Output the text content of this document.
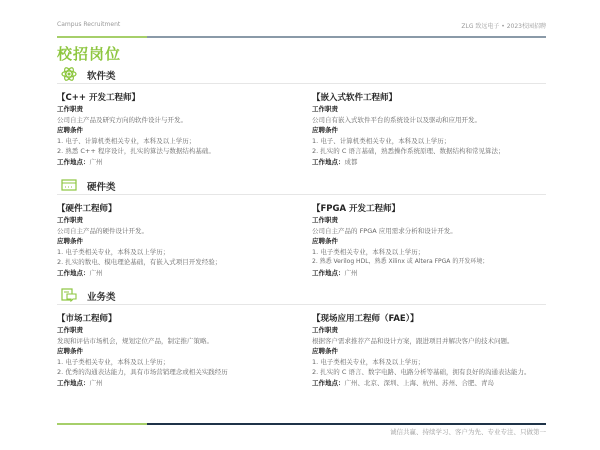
Campus Recruitment	ZLG 致远电子 • 2023校园招聘
校招岗位
软件类
【C++ 开发工程师】
工作职责
公司自主产品及研究方向的软件设计与开发。
应聘条件
1. 电子、计算机类相关专业，本科及以上学历；
2. 熟悉 C++ 程序设计，扎实的算法与数据结构基础。
工作地点：广州
【嵌入式软件工程师】
工作职责
公司自有嵌入式软件平台的系统设计以及驱动和应用开发。
应聘条件
1. 电子、计算机类相关专业，本科及以上学历；
2. 扎实的 C 语言基础，熟悉操作系统原理、数据结构和常见算法；
工作地点：成都
硬件类
【硬件工程师】
工作职责
公司自主产品的硬件设计开发。
应聘条件
1. 电子类相关专业，本科及以上学历；
2. 扎实的数电、模电理论基础，有嵌入式项目开发经验；
工作地点：广州
【FPGA 开发工程师】
工作职责
公司自主产品的 FPGA 应用需求分析和设计开发。
应聘条件
1. 电子类相关专业，本科及以上学历；
2. 熟悉 Verilog HDL，熟悉 Xilinx 或 Altera FPGA 的开发环境；
工作地点：广州
业务类
【市场工程师】
工作职责
发现和评估市场机会，规划定位产品，制定推广策略。
应聘条件
1. 电子类相关专业，本科及以上学历；
2. 优秀的沟通表达能力，具有市场营销理念或相关实践经历
工作地点：广州
【现场应用工程师（FAE）】
工作职责
根据客户需求推荐产品和设计方案，跟进项目并解决客户的技术问题。
应聘条件
1. 电子类相关专业，本科及以上学历；
2. 扎实的 C 语言、数字电路、电路分析等基础，拥有良好的沟通表达能力。
工作地点：广州、北京、深圳、上海、杭州、苏州、合肥、青岛
诚信共赢、持续学习、客户为先、专业专注、只做第一
